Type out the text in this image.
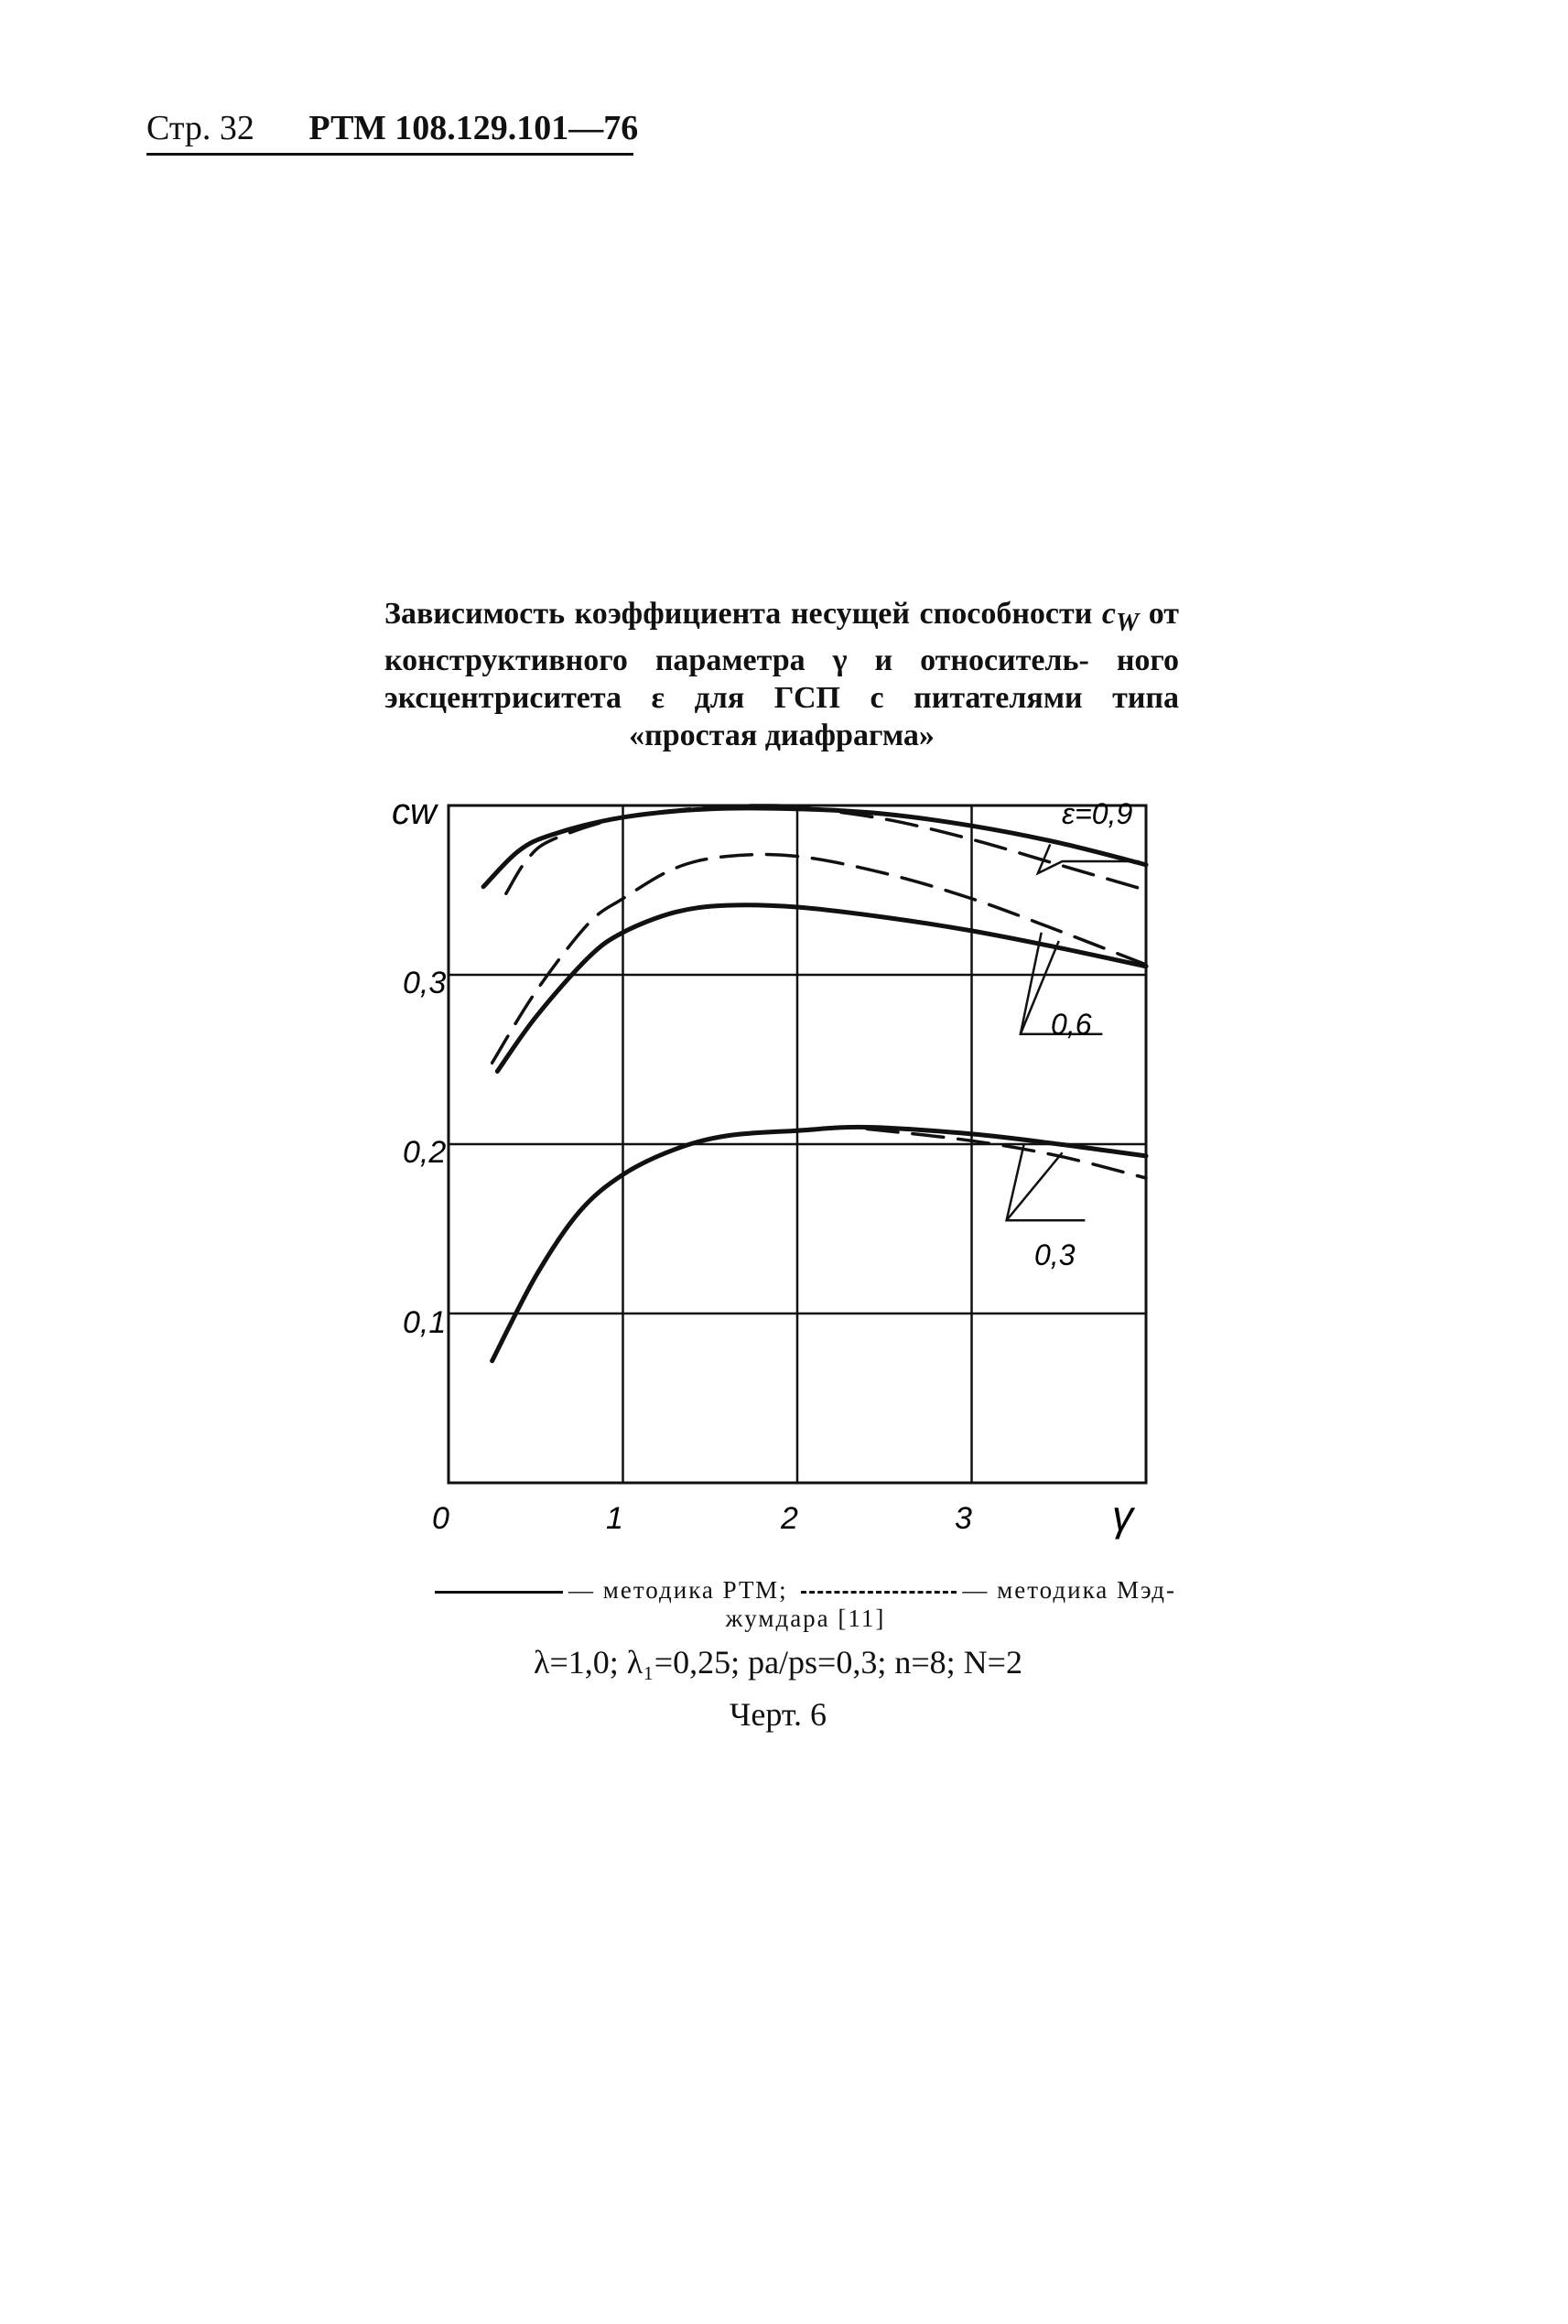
Стр. 32 РТМ 108.129.101—76
Зависимость коэффициента несущей способности $c_W$ от конструктивного параметра γ и относитель- ного эксцентриситета ε для ГСП с питателями типа «простая диафрагма»
cw
γ
0	1	2	3
0,1
0,2
0,3
ε=0,9
0,6
0,3
— методика РТМ;	— методика Мэд-
жумдара [11]
λ=1,0; λ₁=0,25; pa/ps=0,3; n=8; N=2
Черт. 6
